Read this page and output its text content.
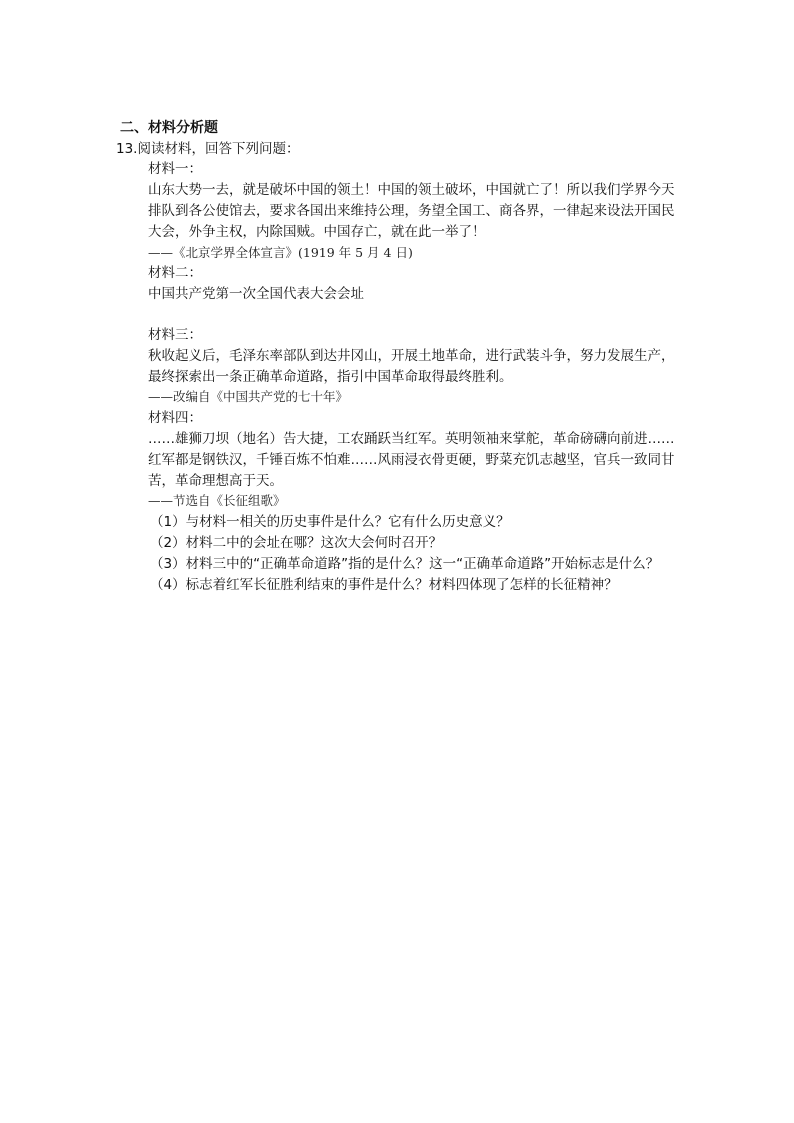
二、材料分析题
13.阅读材料，回答下列问题：
材料一：
山东大势一去，就是破坏中国的领土！中国的领土破坏，中国就亡了！所以我们学界今天
排队到各公使馆去，要求各国出来维持公理，务望全国工、商各界，一律起来设法开国民
大会，外争主权，内除国贼。中国存亡，就在此一举了！
——《北京学界全体宣言》(1919 年 5 月 4 日)
材料二：
中国共产党第一次全国代表大会会址
材料三：
秋收起义后，毛泽东率部队到达井冈山，开展土地革命，进行武装斗争，努力发展生产，
最终探索出一条正确革命道路，指引中国革命取得最终胜利。
——改编自《中国共产党的七十年》
材料四：
……雄狮刀坝（地名）告大捷，工农踊跃当红军。英明领袖来掌舵，革命磅礴向前进……
红军都是钢铁汉，千锤百炼不怕难……风雨浸衣骨更硬，野菜充饥志越坚，官兵一致同甘
苦，革命理想高于天。
——节选自《长征组歌》
（1）与材料一相关的历史事件是什么？它有什么历史意义？
（2）材料二中的会址在哪？这次大会何时召开？
（3）材料三中的“正确革命道路”指的是什么？这一“正确革命道路”开始标志是什么？
（4）标志着红军长征胜利结束的事件是什么？材料四体现了怎样的长征精神？
